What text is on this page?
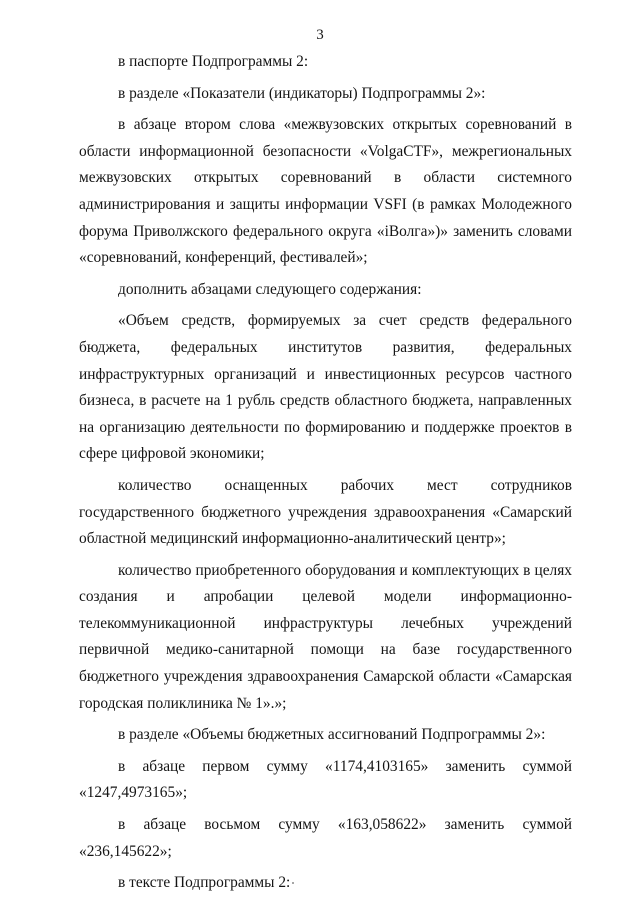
3

в паспорте Подпрограммы 2:

в разделе «Показатели (индикаторы) Подпрограммы 2»:

в абзаце втором слова «межвузовских открытых соревнований в области информационной безопасности «VolgaCTF», межрегиональных межвузовских открытых соревнований в области системного администрирования и защиты информации VSFI (в рамках Молодежного форума Приволжского федерального округа «iВолга»)» заменить словами «соревнований, конференций, фестивалей»;

дополнить абзацами следующего содержания:

«Объем средств, формируемых за счет средств федерального бюджета, федеральных институтов развития, федеральных инфраструктурных организаций и инвестиционных ресурсов частного бизнеса, в расчете на 1 рубль средств областного бюджета, направленных на организацию деятельности по формированию и поддержке проектов в сфере цифровой экономики;

количество оснащенных рабочих мест сотрудников государственного бюджетного учреждения здравоохранения «Самарский областной медицинский информационно-аналитический центр»;

количество приобретенного оборудования и комплектующих в целях создания и апробации целевой модели информационно-телекоммуникационной инфраструктуры лечебных учреждений первичной медико-санитарной помощи на базе государственного бюджетного учреждения здравоохранения Самарской области «Самарская городская поликлиника № 1».»;

в разделе «Объемы бюджетных ассигнований Подпрограммы 2»:

в абзаце первом сумму «1174,4103165» заменить суммой «1247,4973165»;

в абзаце восьмом сумму «163,058622» заменить суммой «236,145622»;

в тексте Подпрограммы 2:
